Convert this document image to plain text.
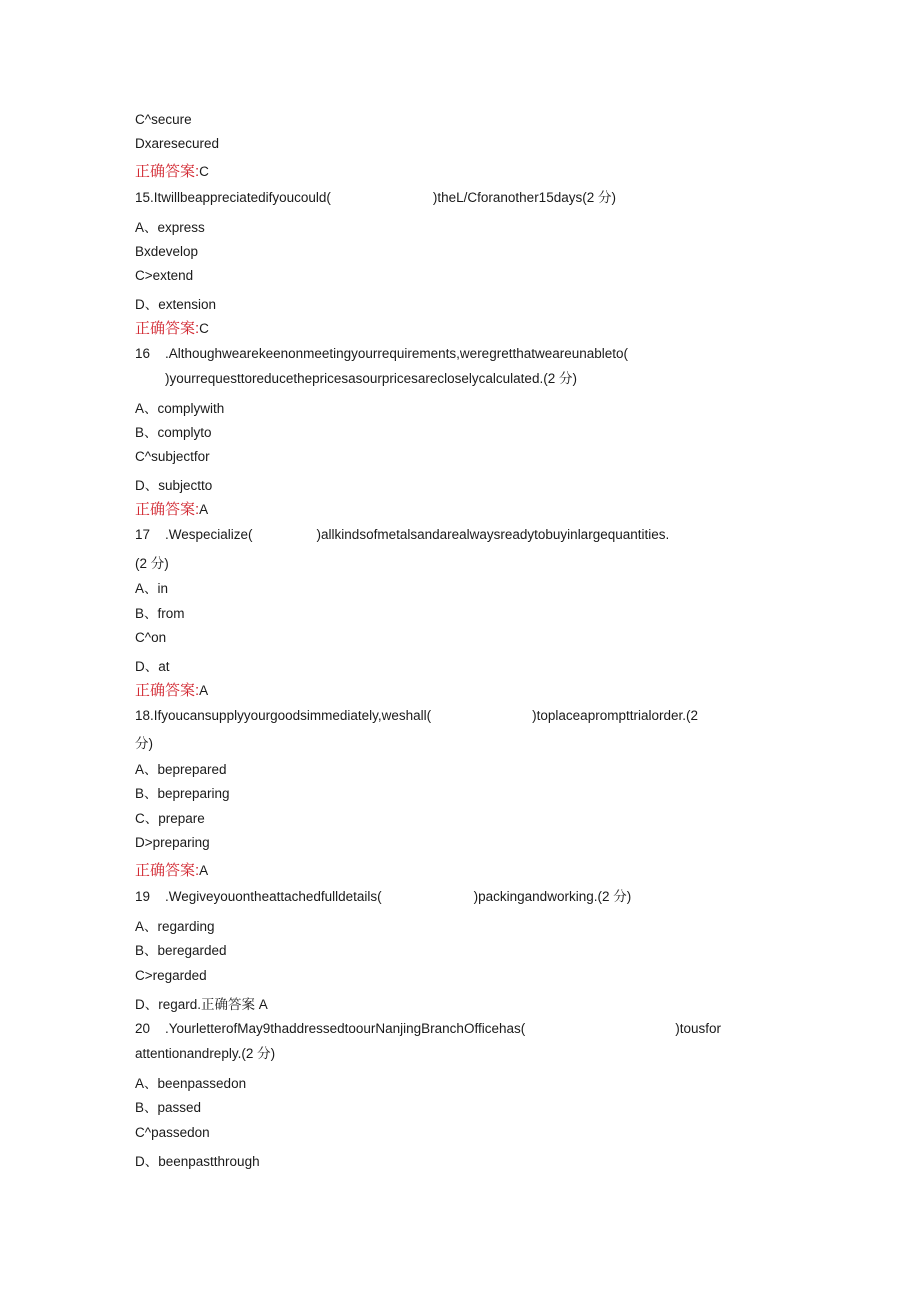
C^secure
Dxaresecured
正确答案:C
15.Itwillbeappreciatedifyoucould(	)theL/Cforanother15days(2 分)
A、express
Bxdevelop
C>extend
D、extension
正确答案:C
16 .Althoughwearekeenonmeetingyourrequirements,weregretthatweareunableto(
)yourrequesttoreducethepricesasourpricesarecloselycalculated.(2 分)
A、complywith
B、complyto
C^subjectfor
D、subjectto
正确答案:A
17 .Wespecialize(	)allkindsofmetalsandarealwaysreadytobuyinlargequantities.
(2 分)
A、in
B、from
C^on
D、at
正确答案:A
18.Ifyoucansupplyyourgoodsimmediately,weshall(	)toplaceaprompttrialorder.(2
分)
A、beprepared
B、bepreparing
C、prepare
D>preparing
正确答案:A
19 .Wegiveyouontheattachedfulldetails(	)packingandworking.(2 分)
A、regarding
B、beregarded
C>regarded
D、regard.正确答案 A
20 .YourletterofMay9thaddressedtoourNanjingBranchOfficehas(	)tousfor
attentionandreply.(2 分)
A、beenpassedon
B、passed
C^passedon
D、beenpastthrough
